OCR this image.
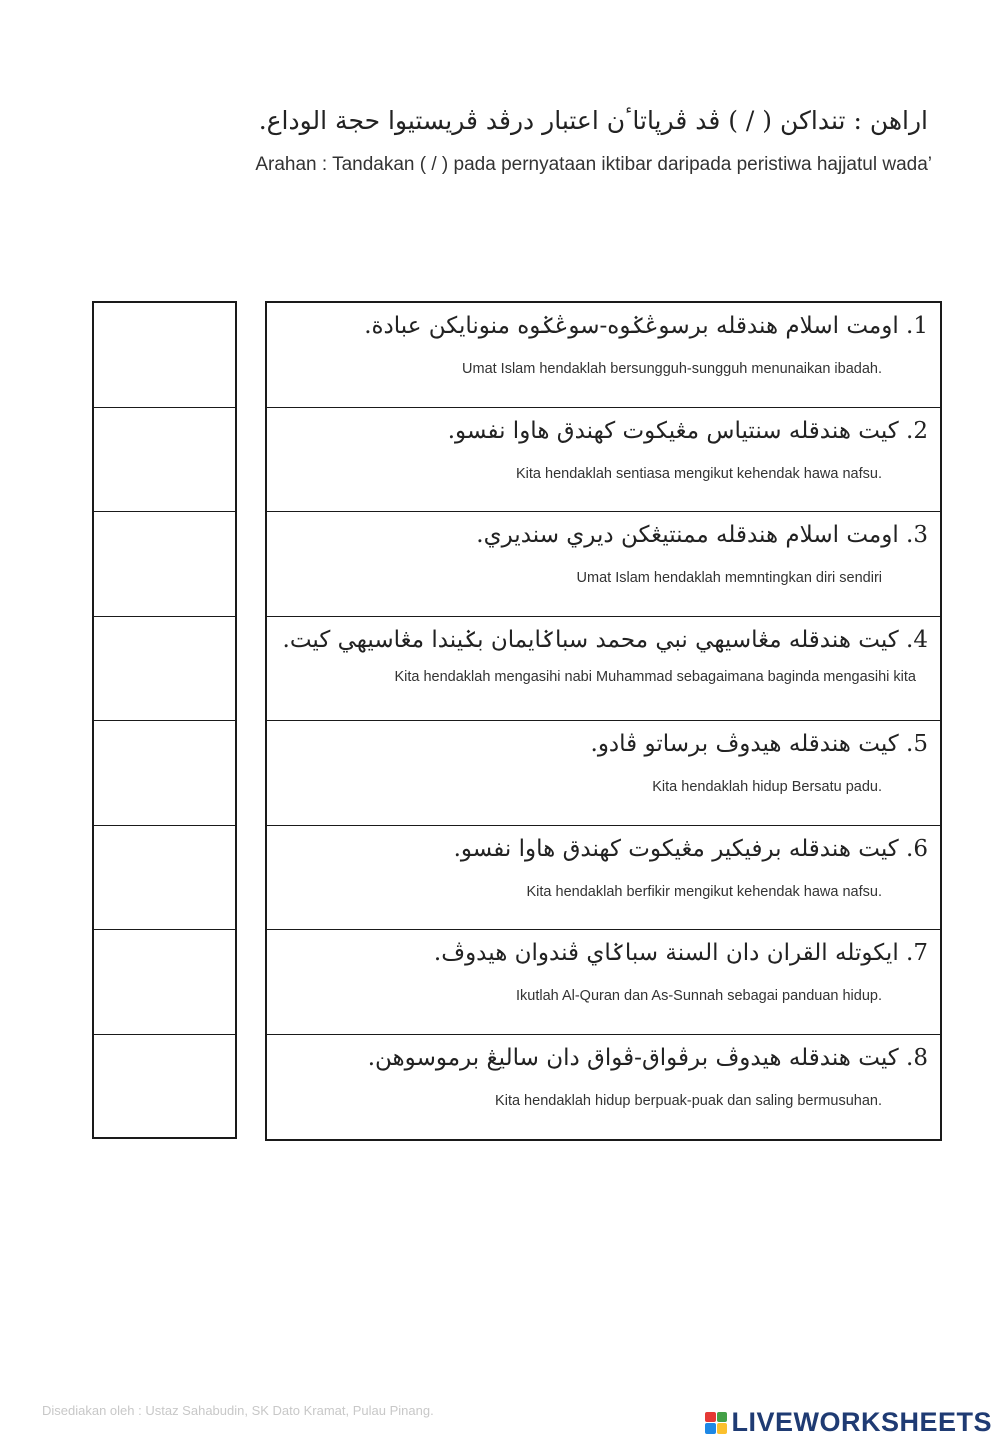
اراهن : تنداکن ( / ) ڤد ڤرڽاتاٴن اعتبار درڤد ڤريستيوا حجة الوداع.
Arahan : Tandakan ( / ) pada pernyataan iktibar daripada peristiwa hajjatul wada’
1. اومت اسلام هندقله برسوڠݢوه-سوڠݢوه منونايکن عبادة.
Umat Islam hendaklah bersungguh-sungguh menunaikan ibadah.
2. کيت هندقله سنتياس مڠيکوت کهندق هاوا نفسو.
Kita hendaklah sentiasa mengikut kehendak hawa nafsu.
3. اومت اسلام هندقله ممنتيڠکن ديري سنديري.
Umat Islam hendaklah memntingkan diri sendiri
4. کيت هندقله مڠاسيهي نبي محمد سباݢايمان بݢيندا مڠاسيهي کيت.
Kita hendaklah mengasihi nabi Muhammad sebagaimana baginda mengasihi kita
5. کيت هندقله هيدوڤ برساتو ڤادو.
Kita hendaklah hidup Bersatu padu.
6. کيت هندقله برفيکير مڠيکوت کهندق هاوا نفسو.
Kita hendaklah berfikir mengikut kehendak hawa nafsu.
7. ايکوتله القران دان السنة سباݢاي ڤندوان هيدوڤ.
Ikutlah Al-Quran dan As-Sunnah sebagai panduan hidup.
8. کيت هندقله هيدوڤ برڤواق-ڤواق دان ساليڠ برموسوهن.
Kita hendaklah hidup berpuak-puak dan saling bermusuhan.
Disediakan oleh : Ustaz Sahabudin, SK Dato Kramat, Pulau Pinang.	LIVEWORKSHEETS
